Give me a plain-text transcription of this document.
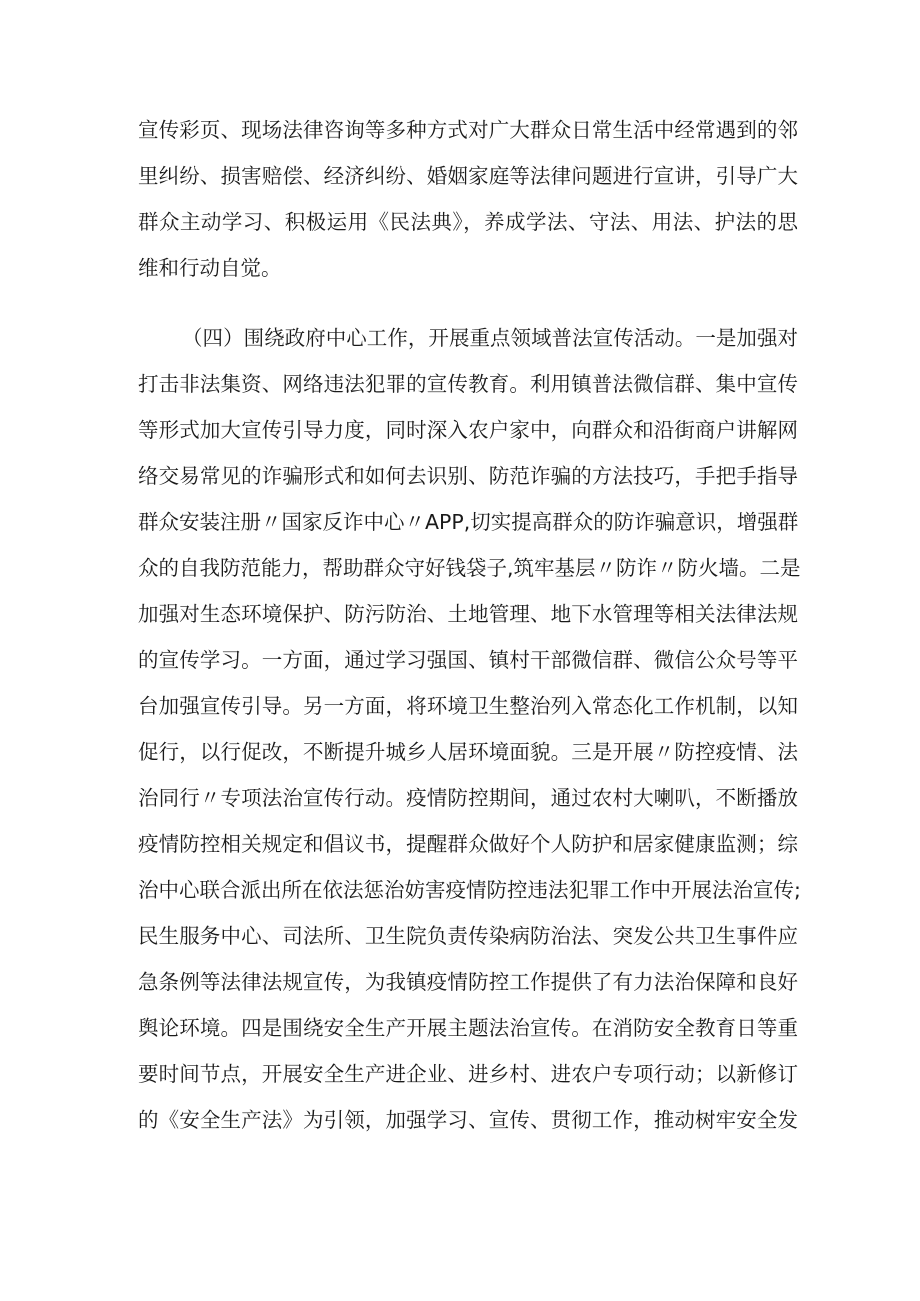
宣传彩页、现场法律咨询等多种方式对广大群众日常生活中经常遇到的邻
里纠纷、损害赔偿、经济纠纷、婚姻家庭等法律问题进行宣讲，引导广大
群众主动学习、积极运用《民法典》，养成学法、守法、用法、护法的思
维和行动自觉。
（四）围绕政府中心工作，开展重点领域普法宣传活动。一是加强对
打击非法集资、网络违法犯罪的宣传教育。利用镇普法微信群、集中宣传
等形式加大宣传引导力度，同时深入农户家中，向群众和沿街商户讲解网
络交易常见的诈骗形式和如何去识别、防范诈骗的方法技巧，手把手指导
群众安装注册〃国家反诈中心〃APP,切实提高群众的防诈骗意识，增强群
众的自我防范能力，帮助群众守好钱袋子,筑牢基层〃防诈〃防火墙。二是
加强对生态环境保护、防污防治、土地管理、地下水管理等相关法律法规
的宣传学习。一方面，通过学习强国、镇村干部微信群、微信公众号等平
台加强宣传引导。另一方面，将环境卫生整治列入常态化工作机制，以知
促行，以行促改，不断提升城乡人居环境面貌。三是开展〃防控疫情、法
治同行〃专项法治宣传行动。疫情防控期间，通过农村大喇叭，不断播放
疫情防控相关规定和倡议书，提醒群众做好个人防护和居家健康监测；综
治中心联合派出所在依法惩治妨害疫情防控违法犯罪工作中开展法治宣传;
民生服务中心、司法所、卫生院负责传染病防治法、突发公共卫生事件应
急条例等法律法规宣传，为我镇疫情防控工作提供了有力法治保障和良好
舆论环境。四是围绕安全生产开展主题法治宣传。在消防安全教育日等重
要时间节点，开展安全生产进企业、进乡村、进农户专项行动；以新修订
的《安全生产法》为引领，加强学习、宣传、贯彻工作，推动树牢安全发
